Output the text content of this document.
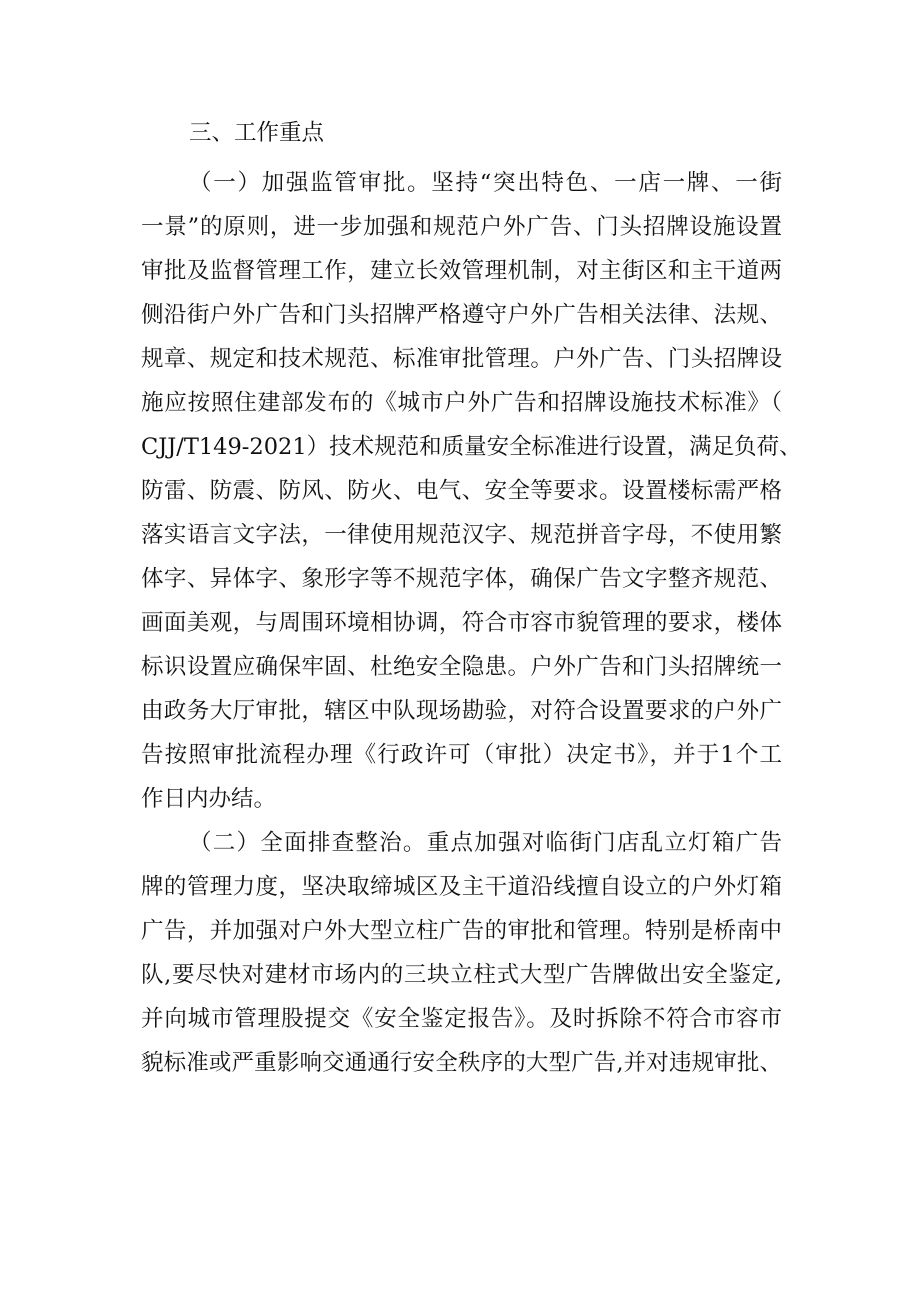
三、工作重点
（一）加强监管审批。坚持“突出特色、一店一牌、一街
一景”的原则，进一步加强和规范户外广告、门头招牌设施设置
审批及监督管理工作，建立长效管理机制，对主街区和主干道两
侧沿街户外广告和门头招牌严格遵守户外广告相关法律、法规、
规章、规定和技术规范、标准审批管理。户外广告、门头招牌设
施应按照住建部发布的《城市户外广告和招牌设施技术标准》（
CJJ/T149-2021）技术规范和质量安全标准进行设置，满足负荷、
防雷、防震、防风、防火、电气、安全等要求。设置楼标需严格
落实语言文字法，一律使用规范汉字、规范拼音字母，不使用繁
体字、异体字、象形字等不规范字体，确保广告文字整齐规范、
画面美观，与周围环境相协调，符合市容市貌管理的要求，楼体
标识设置应确保牢固、杜绝安全隐患。户外广告和门头招牌统一
由政务大厅审批，辖区中队现场勘验，对符合设置要求的户外广
告按照审批流程办理《行政许可（审批）决定书》，并于1个工
作日内办结。
（二）全面排查整治。重点加强对临街门店乱立灯箱广告
牌的管理力度，坚决取缔城区及主干道沿线擅自设立的户外灯箱
广告，并加强对户外大型立柱广告的审批和管理。特别是桥南中
队,要尽快对建材市场内的三块立柱式大型广告牌做出安全鉴定,
并向城市管理股提交《安全鉴定报告》。及时拆除不符合市容市
貌标准或严重影响交通通行安全秩序的大型广告,并对违规审批、
